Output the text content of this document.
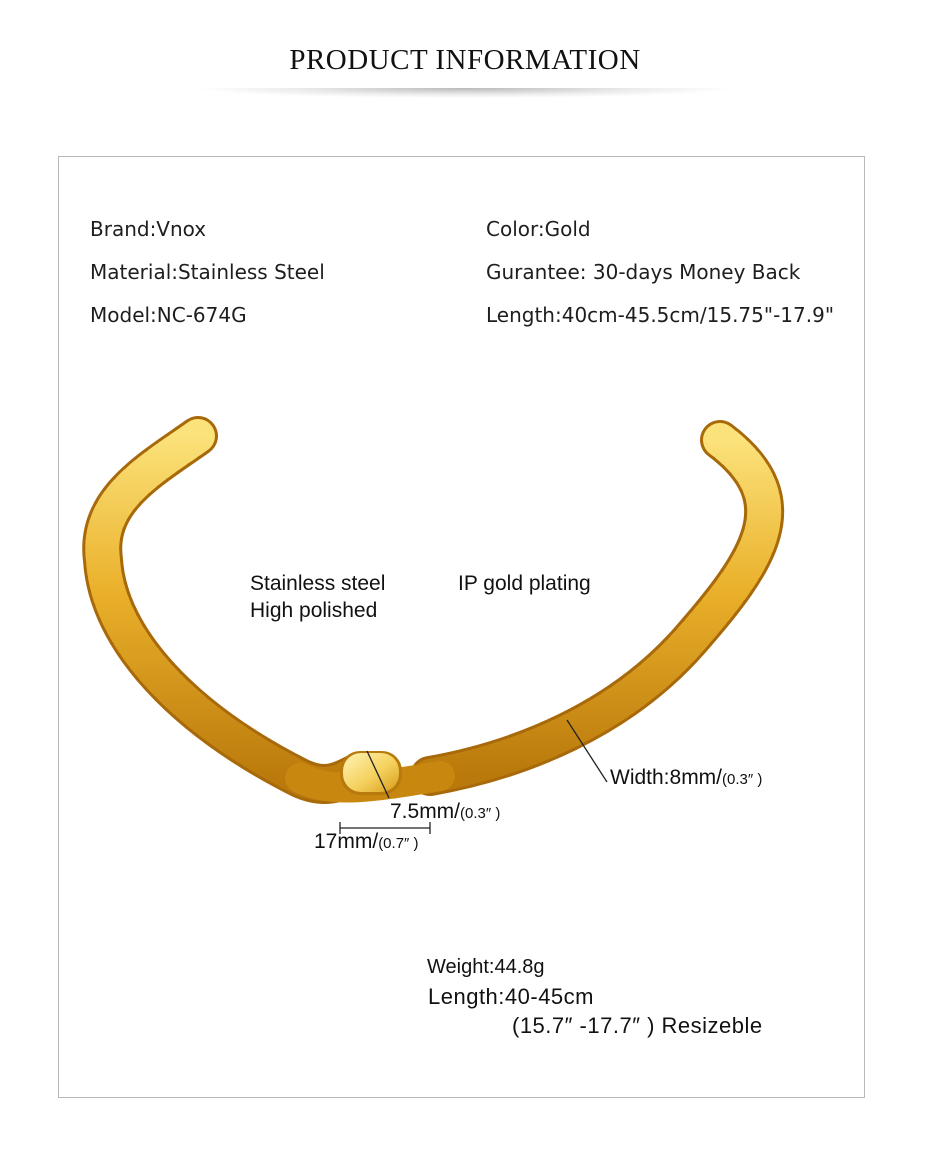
PRODUCT INFORMATION
Brand:Vnox
Material:Stainless Steel
Model:NC-674G
Color:Gold
Gurantee: 30-days Money Back
Length:40cm-45.5cm/15.75"-17.9"
Stainless steel
High polished
IP gold plating
Width:8mm/(0.3″ )
7.5mm/(0.3″ )
17mm/(0.7″ )
Weight:44.8g
Length:40-45cm
(15.7″ -17.7″ ) Resizeble
